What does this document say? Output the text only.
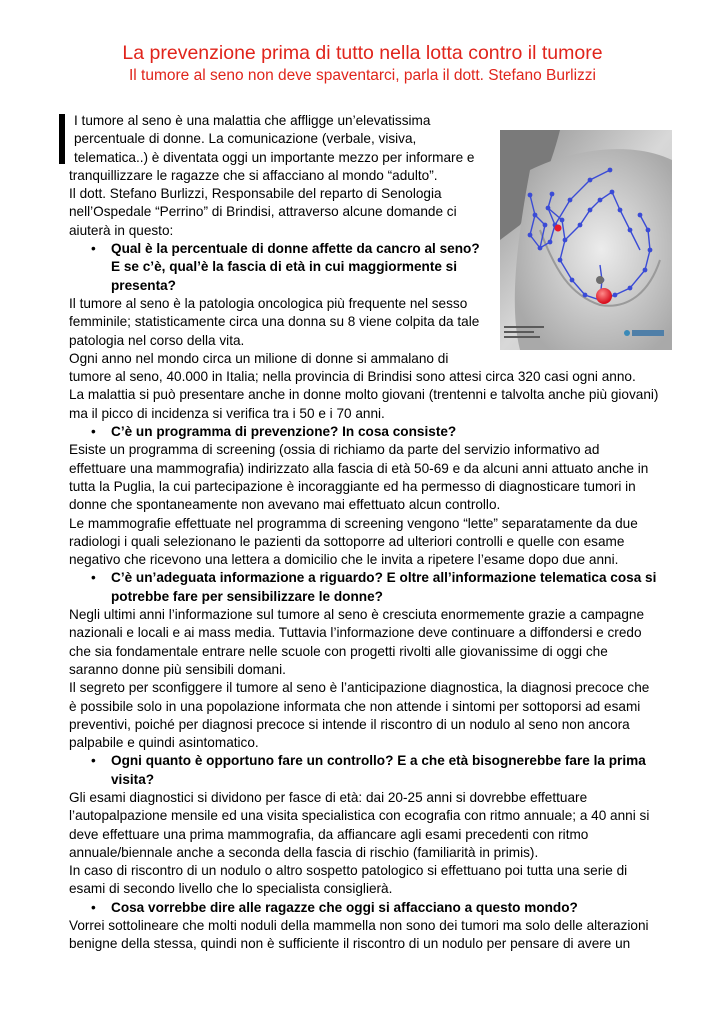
La prevenzione prima di tutto nella lotta contro il tumore
Il tumore al seno non deve spaventarci, parla il dott. Stefano Burlizzi

I tumore al seno è una malattia che affligge un’elevatissima percentuale di donne. La comunicazione (verbale, visiva, telematica..) è diventata oggi un importante mezzo per informare e tranquillizzare le ragazze che si affacciano al mondo “adulto”.

Il dott. Stefano Burlizzi, Responsabile del reparto di Senologia nell’Ospedale “Perrino” di Brindisi, attraverso alcune domande ci aiuterà in questo:

• Qual è la percentuale di donne affette da cancro al seno? E se c’è, qual’è la fascia di età in cui maggiormente si presenta?

Il tumore al seno è la patologia oncologica più frequente nel sesso femminile; statisticamente circa una donna su 8 viene colpita da tale patologia nel corso della vita.

Ogni anno nel mondo circa un milione di donne si ammalano di tumore al seno, 40.000 in Italia; nella provincia di Brindisi sono attesi circa 320 casi ogni anno.

La malattia si può presentare anche in donne molto giovani (trentenni e talvolta anche più giovani) ma il picco di incidenza si verifica tra i 50 e i 70 anni.

• C’è un programma di prevenzione? In cosa consiste?

Esiste un programma di screening (ossia di richiamo da parte del servizio informativo ad effettuare una mammografia) indirizzato alla fascia di età 50-69 e da alcuni anni attuato anche in tutta la Puglia, la cui partecipazione è incoraggiante ed ha permesso di diagnosticare tumori in donne che spontaneamente non avevano mai effettuato alcun controllo.

Le mammografie effettuate nel programma di screening vengono “lette” separatamente da due radiologi i quali selezionano le pazienti da sottoporre ad ulteriori controlli e quelle con esame negativo che ricevono una lettera a domicilio che le invita a ripetere l’esame dopo due anni.

• C’è un’adeguata informazione a riguardo? E oltre all’informazione telematica cosa si potrebbe fare per sensibilizzare le donne?

Negli ultimi anni l’informazione sul tumore al seno è cresciuta enormemente grazie a campagne nazionali e locali e ai mass media. Tuttavia l’informazione deve continuare a diffondersi e credo che sia fondamentale entrare nelle scuole con progetti rivolti alle giovanissime di oggi che saranno donne più sensibili domani.

Il segreto per sconfiggere il tumore al seno è l’anticipazione diagnostica, la diagnosi precoce che è possibile solo in una popolazione informata che non attende i sintomi per sottoporsi ad esami preventivi, poiché per diagnosi precoce si intende il riscontro di un nodulo al seno non ancora palpabile e quindi asintomatico.

• Ogni quanto è opportuno fare un controllo? E a che età bisognerebbe fare la prima visita?

Gli esami diagnostici si dividono per fasce di età: dai 20-25 anni si dovrebbe effettuare l’autopalpazione mensile ed una visita specialistica con ecografia con ritmo annuale; a 40 anni si deve effettuare una prima mammografia, da affiancare agli esami precedenti con ritmo annuale/biennale anche a seconda della fascia di rischio (familiarità in primis).

In caso di riscontro di un nodulo o altro sospetto patologico si effettuano poi tutta una serie di esami di secondo livello che lo specialista consiglierà.

• Cosa vorrebbe dire alle ragazze che oggi si affacciano a questo mondo?

Vorrei sottolineare che molti noduli della mammella non sono dei tumori ma solo delle alterazioni benigne della stessa, quindi non è sufficiente il riscontro di un nodulo per pensare di avere un
